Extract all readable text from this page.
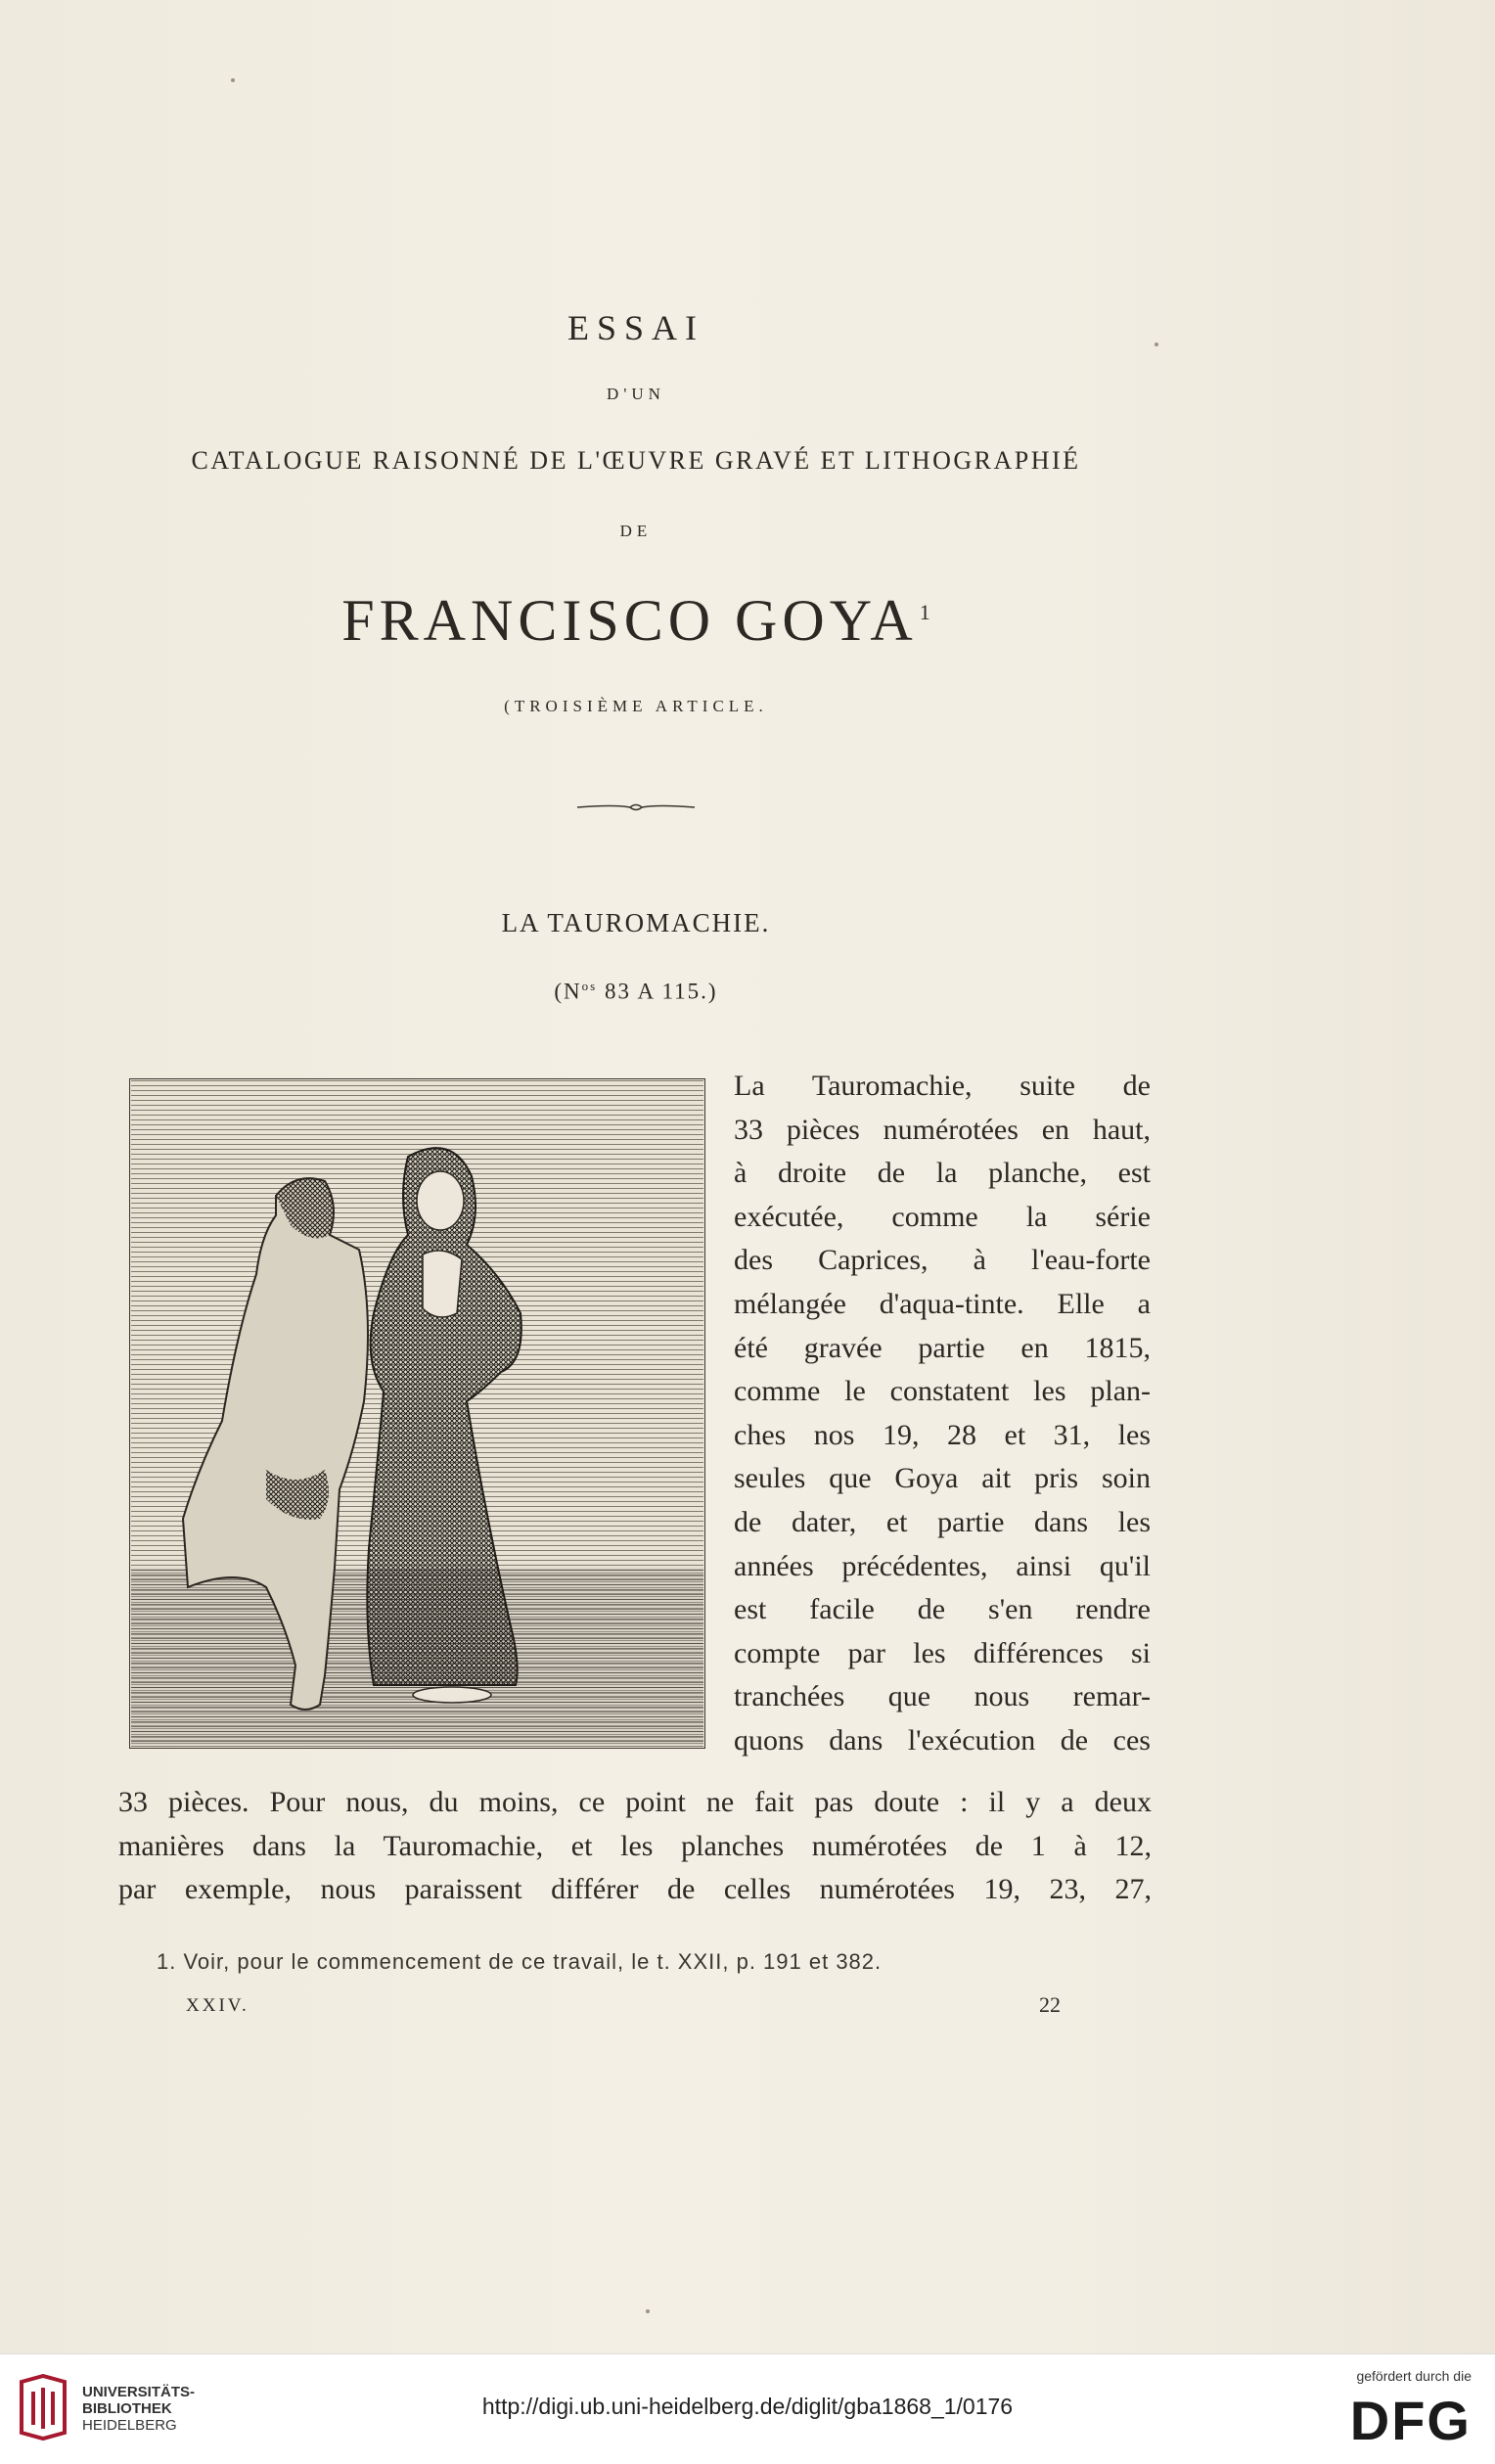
ESSAI
D'UN
CATALOGUE RAISONNÉ DE L'ŒUVRE GRAVÉ ET LITHOGRAPHIÉ
DE
FRANCISCO GOYA$^1$
(TROISIÈME ARTICLE.
LA TAUROMACHIE.
($N^{os}$ 83 A 115.)
La Tauromachie, suite de
33 pièces numérotées en haut,
à droite de la planche, est
exécutée, comme la série
des Caprices, à l'eau-forte
mélangée d'aqua-tinte. Elle a
été gravée partie en 1815,
comme le constatent les plan-
ches nos 19, 28 et 31, les
seules que Goya ait pris soin
de dater, et partie dans les
années précédentes, ainsi qu'il
est facile de s'en rendre
compte par les différences si
tranchées que nous remar-
quons dans l'exécution de ces
33 pièces. Pour nous, du moins, ce point ne fait pas doute : il y a deux
manières dans la Tauromachie, et les planches numérotées de 1 à 12,
par exemple, nous paraissent différer de celles numérotées 19, 23, 27,
1. Voir, pour le commencement de ce travail, le t. XXII, p. 191 et 382.
XXIV.	22
UNIVERSITÄTS-
BIBLIOTHEK
HEIDELBERG
http://digi.ub.uni-heidelberg.de/diglit/gba1868_1/0176
gefördert durch die
DFG
